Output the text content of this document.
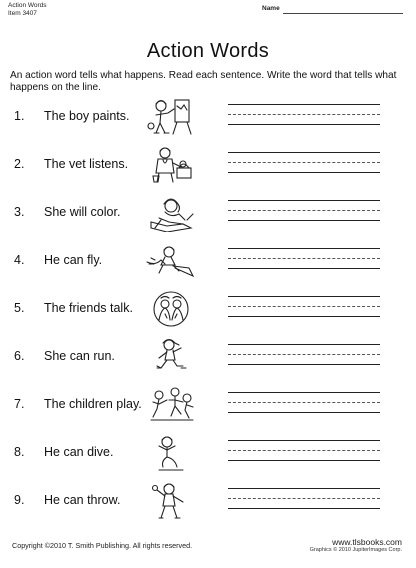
Action Words
Item 3407
Name
Action Words
An action word tells what happens. Read each sentence. Write the word that tells what happens on the line.
1. The boy paints.
2. The vet listens.
3. She will color.
4. He can fly.
5. The friends talk.
6. She can run.
7. The children play.
8. He can dive.
9. He can throw.
Copyright ©2010 T. Smith Publishing. All rights reserved.	www.tlsbooks.com
Graphics © 2010 JupiterImages Corp.
